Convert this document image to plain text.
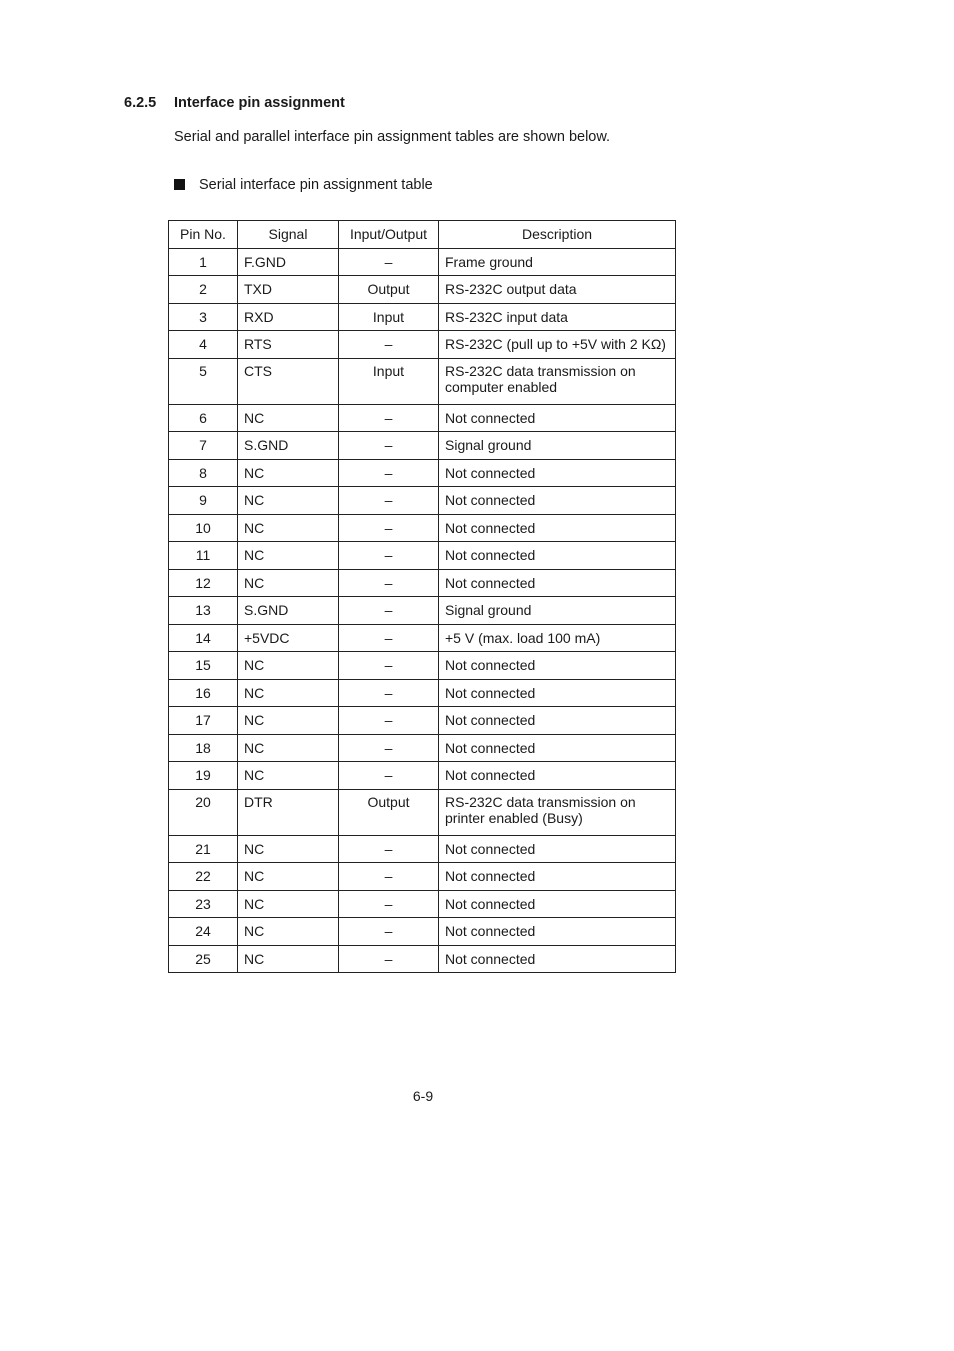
6.2.5 Interface pin assignment
Serial and parallel interface pin assignment tables are shown below.
Serial interface pin assignment table
Pin No.	Signal	Input/Output	Description
1	F.GND	–	Frame ground
2	TXD	Output	RS-232C output data
3	RXD	Input	RS-232C input data
4	RTS	–	RS-232C (pull up to +5V with 2 KΩ)
5	CTS	Input	RS-232C data transmission on computer enabled
6	NC	–	Not connected
7	S.GND	–	Signal ground
8	NC	–	Not connected
9	NC	–	Not connected
10	NC	–	Not connected
11	NC	–	Not connected
12	NC	–	Not connected
13	S.GND	–	Signal ground
14	+5VDC	–	+5 V (max. load 100 mA)
15	NC	–	Not connected
16	NC	–	Not connected
17	NC	–	Not connected
18	NC	–	Not connected
19	NC	–	Not connected
20	DTR	Output	RS-232C data transmission on printer enabled (Busy)
21	NC	–	Not connected
22	NC	–	Not connected
23	NC	–	Not connected
24	NC	–	Not connected
25	NC	–	Not connected
6-9
